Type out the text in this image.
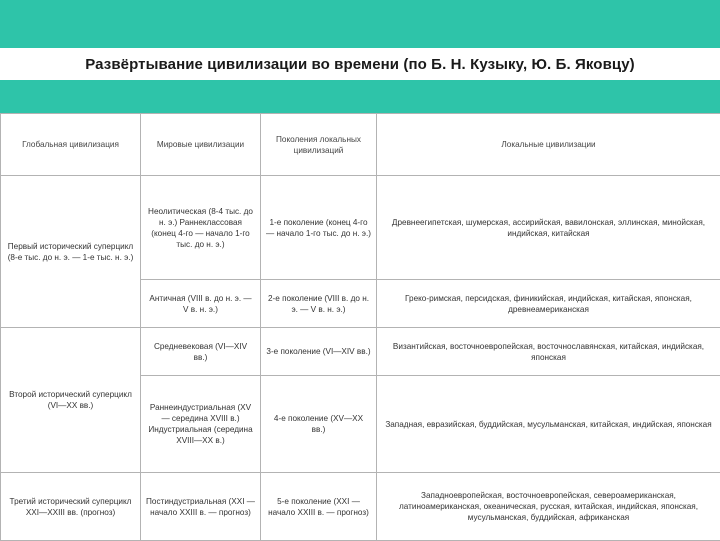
Развёртывание цивилизации во времени (по Б. Н. Кузыку, Ю. Б. Яковцу)
Глобальная цивилизация	Мировые цивилизации	Поколения локальных цивилизаций	Локальные цивилизации
Первый исторический суперцикл (8-е тыс. до н. э. — 1-е тыс. н. э.)	Неолитическая (8-4 тыс. до н. э.) Раннеклассовая (конец 4-го — начало 1-го тыс. до н. э.)	1-е поколение (конец 4-го — начало 1-го тыс. до н. э.)	Древнеегипетская, шумерская, ассирийская, вавилонская, эллинская, минойская, индийская, китайская
	Античная (VIII в. до н. э. — V в. н. э.)	2-е поколение (VIII в. до н. э. — V в. н. э.)	Греко-римская, персидская, финикийская, индийская, китайская, японская, древнеамериканская
Второй исторический суперцикл (VI—XX вв.)	Средневековая (VI—XIV вв.)	3-е поколение (VI—XIV вв.)	Византийская, восточноевропейская, восточнославянская, китайская, индийская, японская
	Раннеиндустриальная (XV — середина XVIII в.) Индустриальная (середина XVIII—XX в.)	4-е поколение (XV—XX вв.)	Западная, евразийская, буддийская, мусульманская, китайская, индийская, японская
Третий исторический суперцикл XXI—XXIII вв. (прогноз)	Постиндустриальная (XXI — начало XXIII в. — прогноз)	5-е поколение (XXI — начало XXIII в. — прогноз)	Западноевропейская, восточноевропейская, североамериканская, латиноамериканская, океаническая, русская, китайская, индийская, японская, мусульманская, буддийская, африканская
